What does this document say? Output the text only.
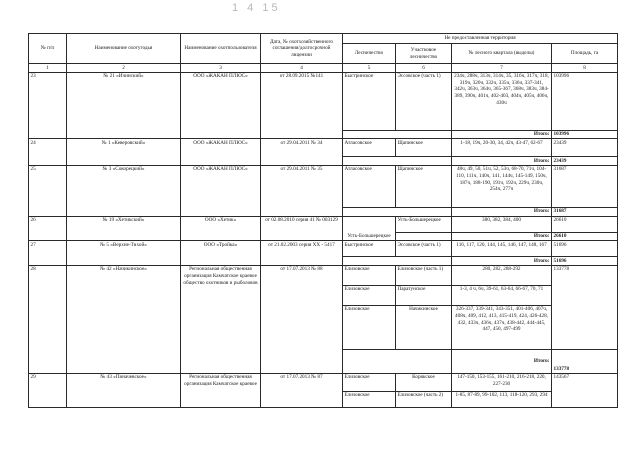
1 4 15
№ п/п	Наименование охотугодья	Наименование охотпользователя	Дата, № охотхозяйственного соглашения/долгосрочной лицензии	Не предоставленная территория			
				Лесничество	Участковое лесничество	№ лесного квартала (выделы)	Площадь, га
1	2	3	4	5	6	7	8
23	№ 21 «Ичинский»	ООО «ЖАКАН ПЛЮС»	от 28.09.2015 №141	Быстринское	Эссовское (часть 1)	234ч, 288ч, 313ч, 314ч, 35, 316ч, 317ч, 318, 319ч, 320ч, 332ч, 335ч, 336ч, 337-341, 342ч, 363ч, 364ч, 365-367, 368ч, 383ч, 384-389, 390ч, 401ч, 402-403, 404ч, 405ч, 406ч, 430ч	103996
						Итого:	103996
24	№ 1 «Кеверовский»	ООО «ЖАКАН ПЛЮС»	от 29.04.2011 № 34	Атласовское	Щапинское	1-18, 19ч, 20-30, 34, 42ч, 43-47, 62-67	23439
						Итого:	23439
25	№ 3 «Сокорецкий»	ООО «ЖАКАН ПЛЮС»	от 29.04.2011 № 35	Атласовское	Щапинское	48ч, 49, 50, 51ч, 52, 53ч, 68-70, 71ч, 104-110, 111ч, 140ч, 141, 144ч, 145-149, 150ч, 187ч, 188-190, 191ч, 192ч, 229ч, 230ч, 254ч, 277ч	31687
						Итого:	31687
26	№ 19 «Хетикский»	ООО «Хетик»	от 02.08.2010 серия 41 № 003129	Усть-Большерецкое	Усть-Большерецкое	380, 382, 384, 400	26610
						Итого:	26610
27	№ 5 «Верхне-Тихой»	ООО «Тройка»	от 21.02.2003 серия ХХ - 5417	Быстринское	Эссовское (часть 1)	116, 117, 120, 144, 145, 146, 147, 148, 167	51696
						Итого:	51696
28	№ 42 «Начикинское»	Региональная общественная организация Камчатское краевое общество охотников и рыболовов	от 17.07.2013 № 88	Елизовское	Елизовское (часть 1)	280, 282, 288-292	133778
				Елизовское	Паратунское	1-3, 4 ч, 6ч, 39-61, 63-64, 66-67, 70, 71	
				Елизовское	Начикинское	326-337, 339-341, 343-351, 401-406, 407ч, 408ч, 409, 412, 413, 415-419, 424, 426-428, 432, 433ч, 436ч, 437ч, 438-442, 444-445, 447, 450, 497-499	
						Итого:	133778
29	№ 43 «Пиначевское»	Региональная общественная организация Камчатское краевое	от 17.07.2013 № 87	Елизовское	Корякское	147-150, 153-155, 161-210, 216-218, 220, 227-230	143567
				Елизовское	Елизовское (часть 2)	1-85, 87-89, 99-102, 113, 118-120, 293, 294	
